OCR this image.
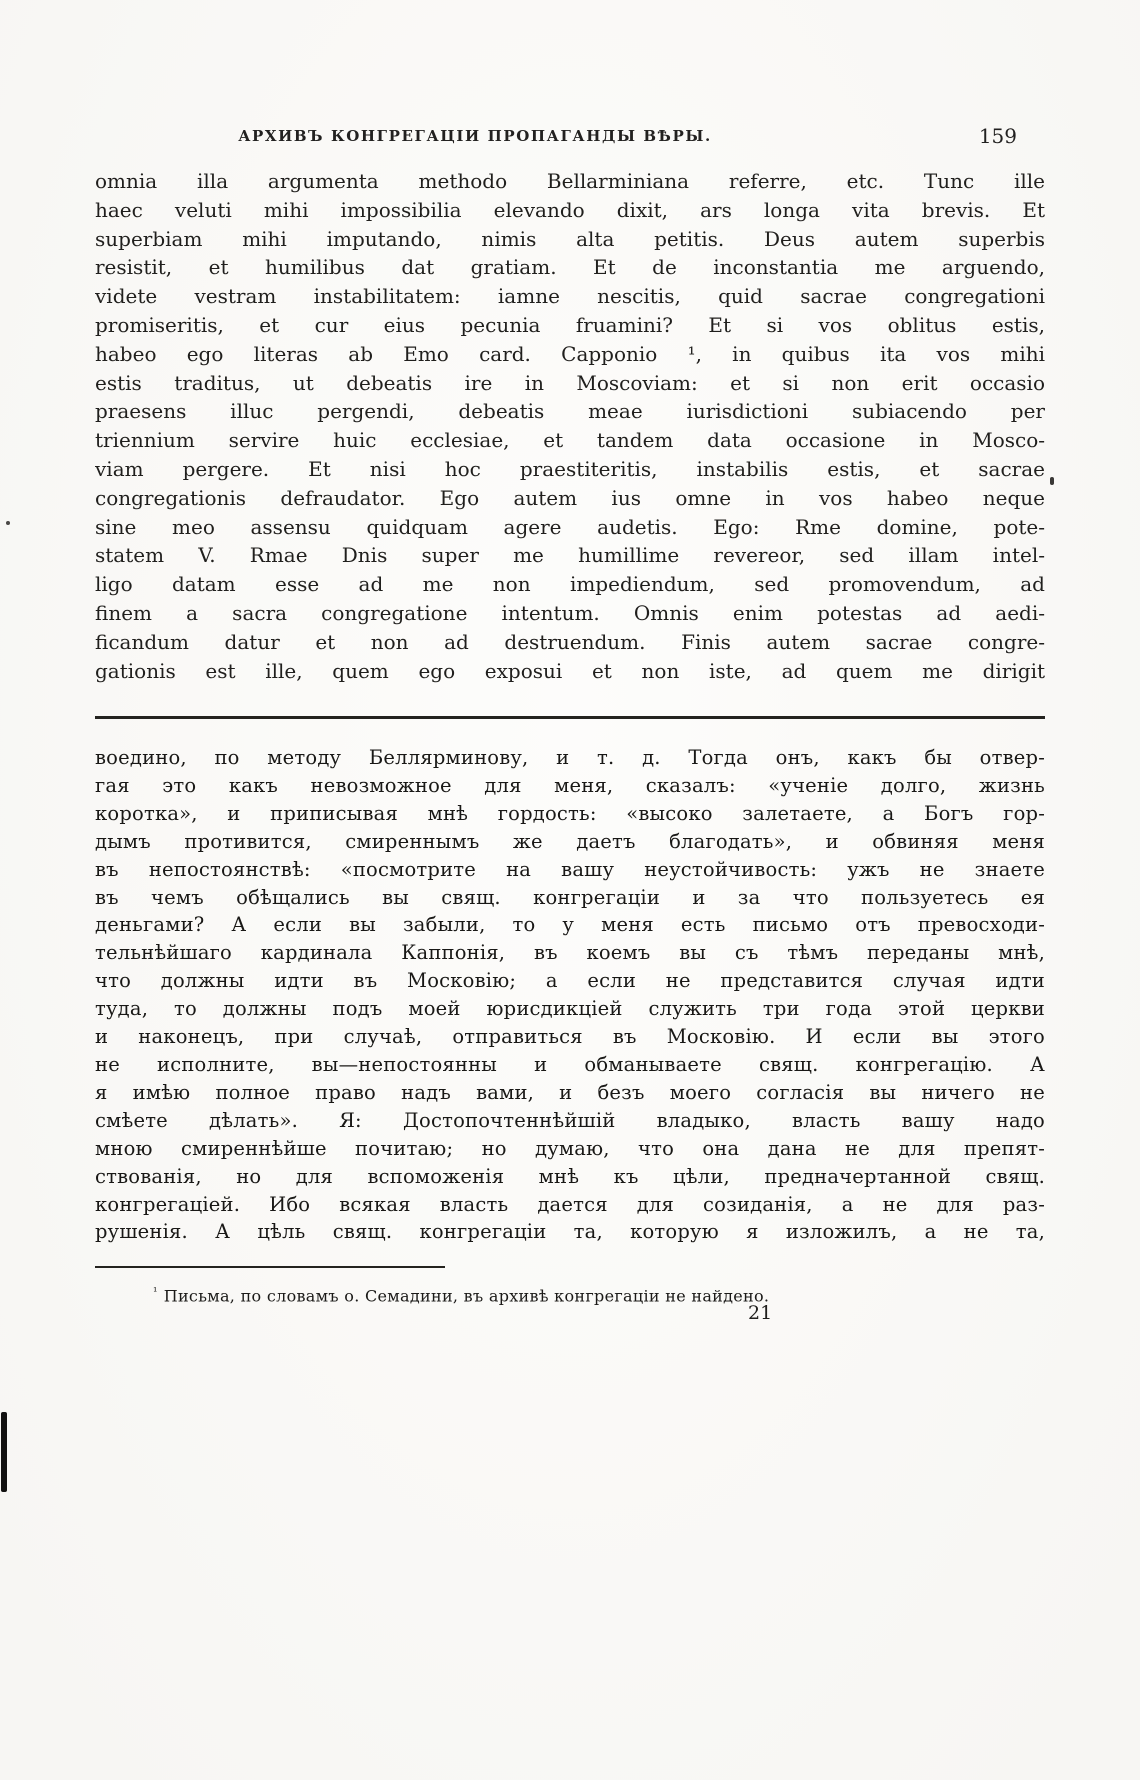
АРХИВЪ КОНГРЕГАЦІИ ПРОПАГАНДЫ ВѢРЫ.	159
omnia illa argumenta methodo Bellarminiana referre, etc. Tunc ille
haec veluti mihi impossibilia elevando dixit, ars longa vita brevis. Et
superbiam mihi imputando, nimis alta petitis. Deus autem superbis
resistit, et humilibus dat gratiam. Et de inconstantia me arguendo,
videte vestram instabilitatem: iamne nescitis, quid sacrae congregationi
promiseritis, et cur eius pecunia fruamini? Et si vos oblitus estis,
habeo ego literas ab Emo card. Capponio ¹, in quibus ita vos mihi
estis traditus, ut debeatis ire in Moscoviam: et si non erit occasio
praesens illuc pergendi, debeatis meae iurisdictioni subiacendo per
triennium servire huic ecclesiae, et tandem data occasione in Mosco-
viam pergere. Et nisi hoc praestiteritis, instabilis estis, et sacrae
congregationis defraudator. Ego autem ius omne in vos habeo neque
sine meo assensu quidquam agere audetis. Ego: Rme domine, pote-
statem V. Rmae Dnis super me humillime revereor, sed illam intel-
ligo datam esse ad me non impediendum, sed promovendum, ad
finem a sacra congregatione intentum. Omnis enim potestas ad aedi-
ficandum datur et non ad destruendum. Finis autem sacrae congre-
gationis est ille, quem ego exposui et non iste, ad quem me dirigit
воедино, по методу Беллярминову, и т. д. Тогда онъ, какъ бы отвер-
гая это какъ невозможное для меня, сказалъ: «ученіе долго, жизнь
коротка», и приписывая мнѣ гордость: «высоко залетаете, а Богъ гор-
дымъ противится, смиреннымъ же даетъ благодать», и обвиняя меня
въ непостоянствѣ: «посмотрите на вашу неустойчивость: ужъ не знаете
въ чемъ обѣщались вы свящ. конгрегаціи и за что пользуетесь ея
деньгами? А если вы забыли, то у меня есть письмо отъ превосходи-
тельнѣйшаго кардинала Каппонія, въ коемъ вы съ тѣмъ переданы мнѣ,
что должны идти въ Московію; а если не представится случая идти
туда, то должны подъ моей юрисдикціей служить три года этой церкви
и наконецъ, при случаѣ, отправиться въ Московію. И если вы этого
не исполните, вы—непостоянны и обманываете свящ. конгрегацію. А
я имѣю полное право надъ вами, и безъ моего согласія вы ничего не
смѣете дѣлать». Я: Достопочтеннѣйшій владыко, власть вашу надо
мною смиреннѣйше почитаю; но думаю, что она дана не для препят-
ствованія, но для вспоможенія мнѣ къ цѣли, предначертанной свящ.
конгрегаціей. Ибо всякая власть дается для созиданія, а не для раз-
рушенія. А цѣль свящ. конгрегаціи та, которую я изложилъ, а не та,
$^{^1}$ Письма, по словамъ о. Семадини, въ архивѣ конгрегаціи не найдено.
21
